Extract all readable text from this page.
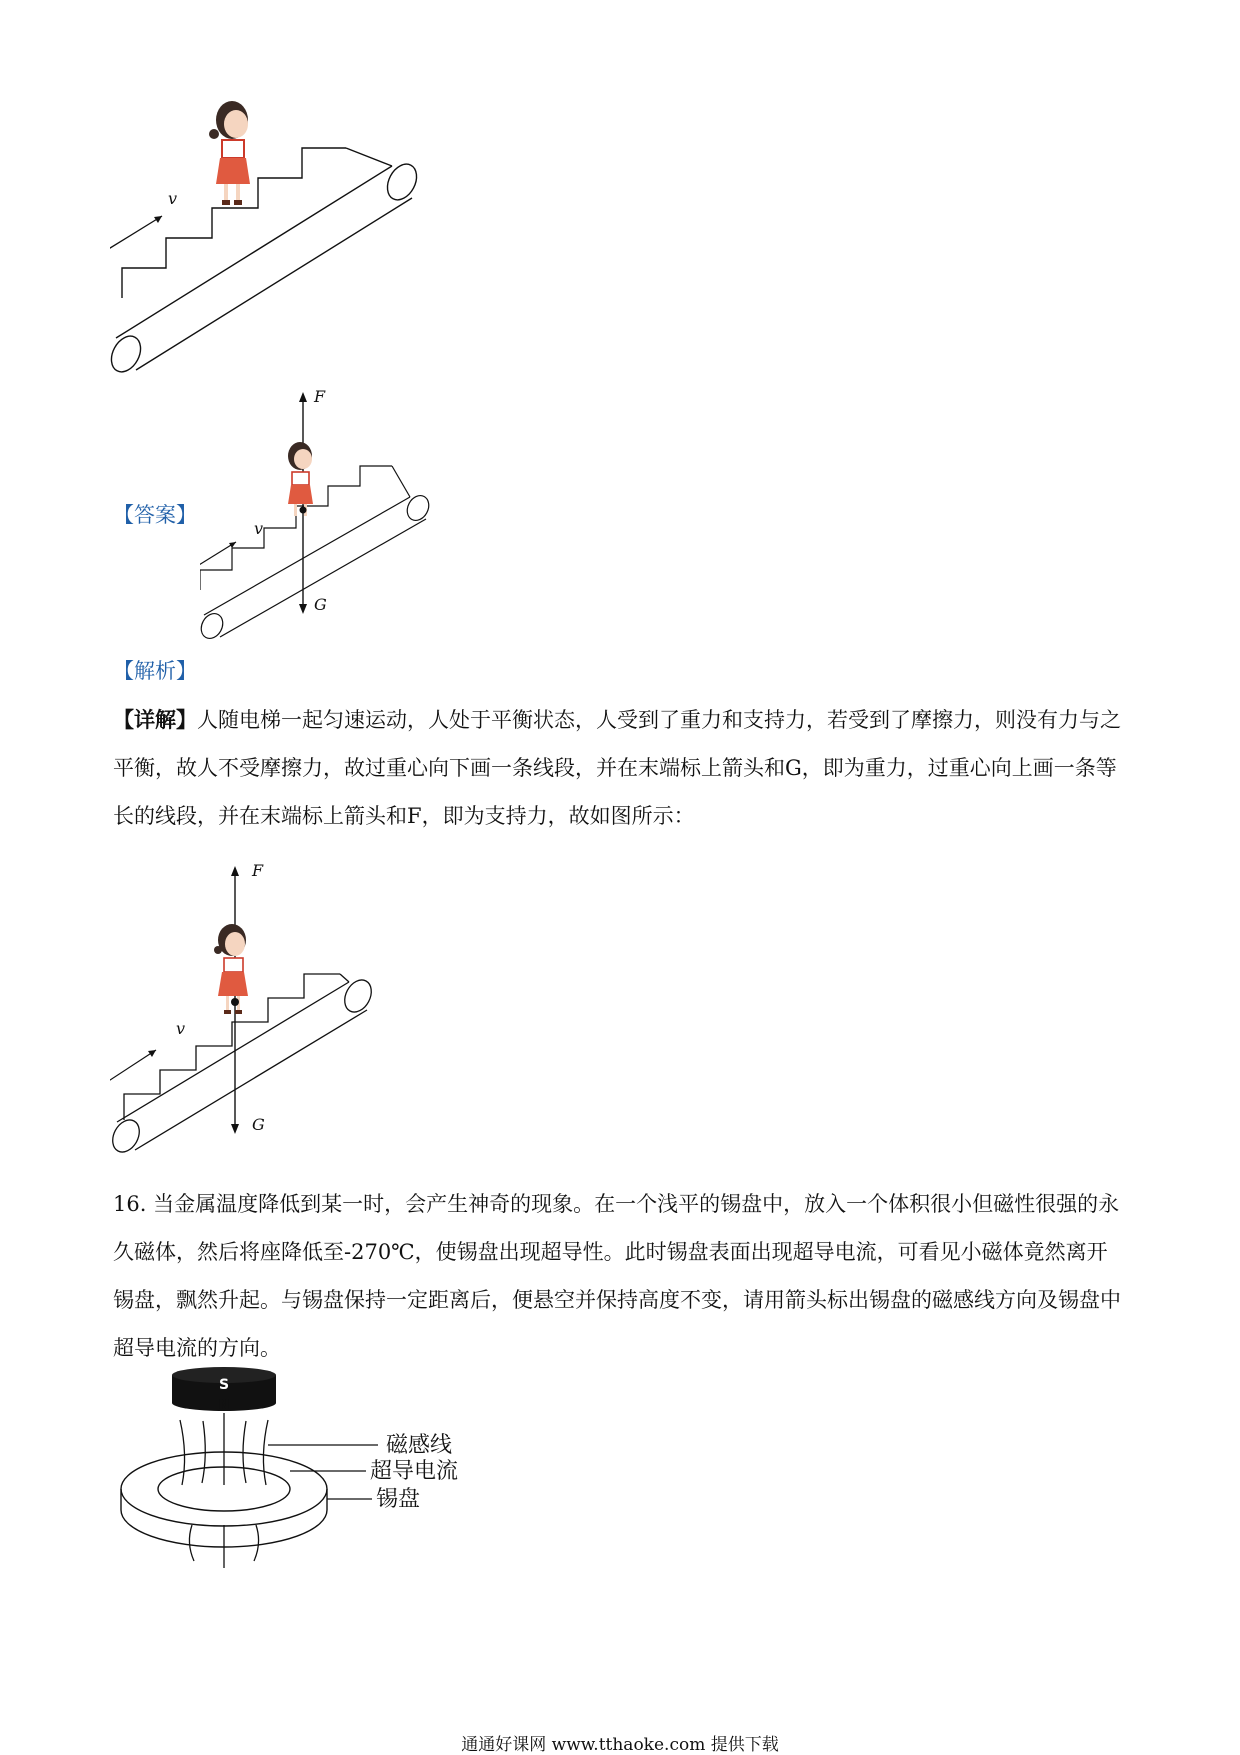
v
【答案】
F
G
v
【解析】

【详解】人随电梯一起匀速运动，人处于平衡状态，人受到了重力和支持力，若受到了摩擦力，则没有力与之平衡，故人不受摩擦力，故过重心向下画一条线段，并在末端标上箭头和G，即为重力，过重心向上画一条等长的线段，并在末端标上箭头和F，即为支持力，故如图所示：

F
G
v

16. 当金属温度降低到某一时，会产生神奇的现象。在一个浅平的锡盘中，放入一个体积很小但磁性很强的永久磁体，然后将座降低至-270℃，使锡盘出现超导性。此时锡盘表面出现超导电流，可看见小磁体竟然离开锡盘，飘然升起。与锡盘保持一定距离后，便悬空并保持高度不变，请用箭头标出锡盘的磁感线方向及锡盘中超导电流的方向。

S
N
磁感线
超导电流
锡盘
通通好课网 www.tthaoke.com 提供下载
